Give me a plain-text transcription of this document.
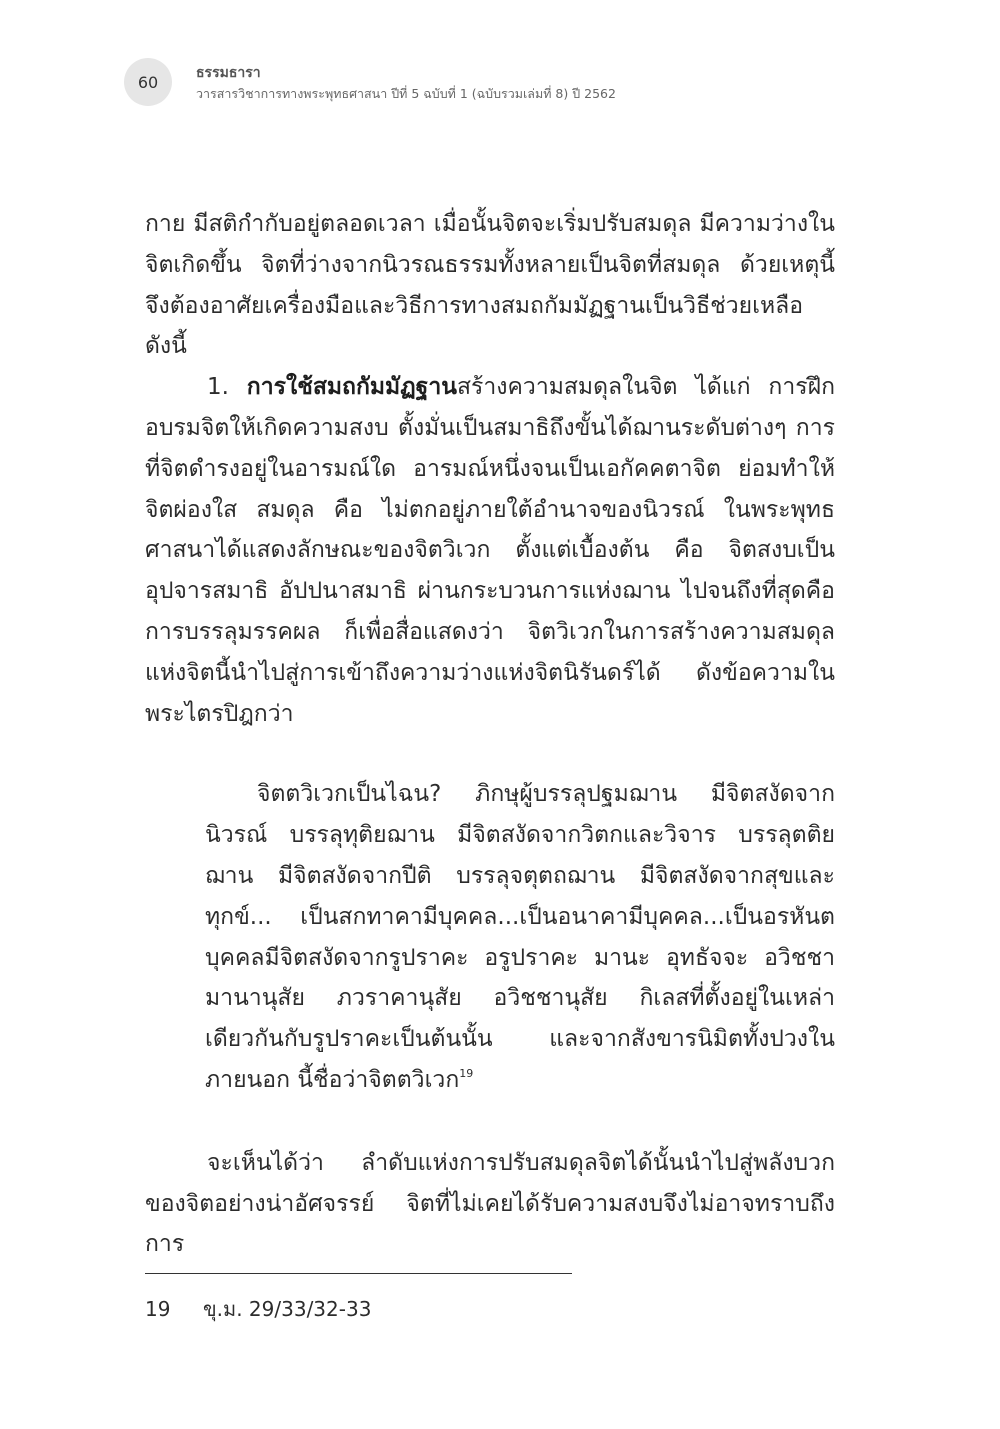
60	ธรรมธารา
วารสารวิชาการทางพระพุทธศาสนา ปีที่ 5 ฉบับที่ 1 (ฉบับรวมเล่มที่ 8) ปี 2562

กาย มีสติกำกับอยู่ตลอดเวลา เมื่อนั้นจิตจะเริ่มปรับสมดุล มีความว่างในจิตเกิดขึ้น จิตที่ว่างจากนิวรณธรรมทั้งหลายเป็นจิตที่สมดุล ด้วยเหตุนี้จึงต้องอาศัยเครื่องมือและวิธีการทางสมถกัมมัฏฐานเป็นวิธีช่วยเหลือ ดังนี้

1. การใช้สมถกัมมัฏฐานสร้างความสมดุลในจิต ได้แก่ การฝึกอบรมจิตให้เกิดความสงบ ตั้งมั่นเป็นสมาธิถึงขั้นได้ฌานระดับต่างๆ การที่จิตดำรงอยู่ในอารมณ์ใด อารมณ์หนึ่งจนเป็นเอกัคคตาจิต ย่อมทำให้จิตผ่องใส สมดุล คือ ไม่ตกอยู่ภายใต้อำนาจของนิวรณ์ ในพระพุทธศาสนาได้แสดงลักษณะของจิตวิเวก ตั้งแต่เบื้องต้น คือ จิตสงบเป็นอุปจารสมาธิ อัปปนาสมาธิ ผ่านกระบวนการแห่งฌาน ไปจนถึงที่สุดคือการบรรลุมรรคผล ก็เพื่อสื่อแสดงว่า จิตวิเวกในการสร้างความสมดุลแห่งจิตนี้นำไปสู่การเข้าถึงความว่างแห่งจิตนิรันดร์ได้ ดังข้อความในพระไตรปิฎกว่า

จิตตวิเวกเป็นไฉน? ภิกษุผู้บรรลุปฐมฌาน มีจิตสงัดจากนิวรณ์ บรรลุทุติยฌาน มีจิตสงัดจากวิตกและวิจาร บรรลุตติยฌาน มีจิตสงัดจากปีติ บรรลุจตุตถฌาน มีจิตสงัดจากสุขและทุกข์... เป็นสกทาคามีบุคคล...เป็นอนาคามีบุคคล...เป็นอรหันตบุคคลมีจิตสงัดจากรูปราคะ อรูปราคะ มานะ อุทธัจจะ อวิชชา มานานุสัย ภวราคานุสัย อวิชชานุสัย กิเลสที่ตั้งอยู่ในเหล่าเดียวกันกับรูปราคะเป็นต้นนั้น และจากสังขารนิมิตทั้งปวงในภายนอก นี้ชื่อว่าจิตตวิเวก$^{19}$

จะเห็นได้ว่า ลำดับแห่งการปรับสมดุลจิตได้นั้นนำไปสู่พลังบวกของจิตอย่างน่าอัศจรรย์ จิตที่ไม่เคยได้รับความสงบจึงไม่อาจทราบถึงการ

19 ขุ.ม. 29/33/32-33
